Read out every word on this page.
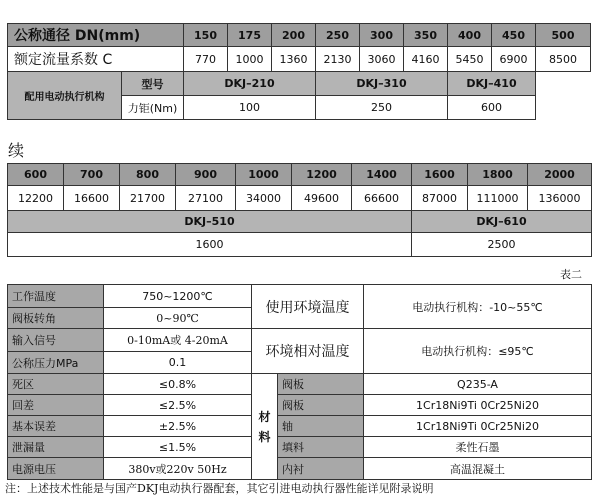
公称通径 DN(mm)		150	175	200	250	300	350	400	450	500
额定流量系数 C		770	1000	1360	2130	3060	4160	5450	6900	8500
配用电动执行机构	型号	DKJ–210			DKJ–310			DKJ–410		
	力钜(Nm)	100			250			600		
续
600	700	800	900	1000	1200	1400	1600	1800	2000
12200	16600	21700	27100	34000	49600	66600	87000	111000	136000
DKJ–510							DKJ–610		
1600							2500		
表二
工作温度	750~1200℃	使用环境温度		电动执行机构：-10~55℃
阀板转角	0~90℃			
输入信号	0-10mA或 4-20mA	环境相对温度		电动执行机构：≤95℃
公称压力MPa	0.1			
死区	≤0.8%	材料	阀板	Q235-A
回差	≤2.5%		阀板	1Cr18Ni9Ti 0Cr25Ni20
基本误差	±2.5%		轴	1Cr18Ni9Ti 0Cr25Ni20
泄漏量	≤1.5%		填料	柔性石墨
电源电压	380v或220v 50Hz		内衬	高温混凝土
注：上述技术性能是与国产DKJ电动执行器配套，其它引进电动执行器性能详见附录说明
